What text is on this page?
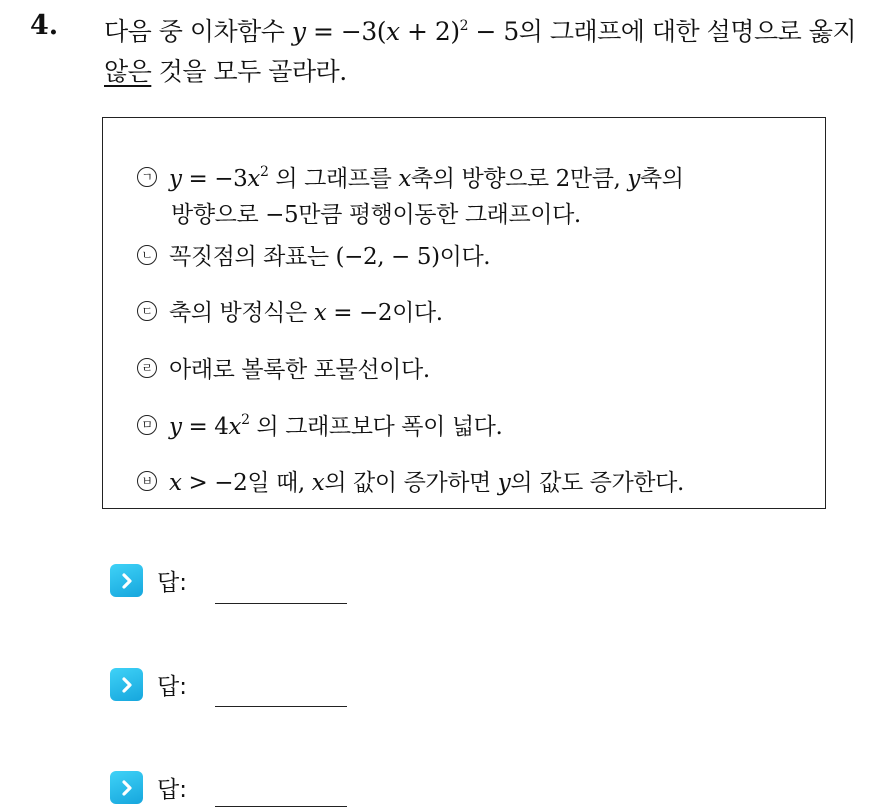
4. 다음 중 이차함수 $y = -3(x + 2)^2 - 5$의 그래프에 대한 설명으로 옳지
않은 것을 모두 골라라.
ㄱ $y = -3x^2$ 의 그래프를 x축의 방향으로 2만큼, y축의
방향으로 −5만큼 평행이동한 그래프이다.
ㄴ 꼭짓점의 좌표는 (−2, − 5)이다.
ㄷ 축의 방정식은 x = −2이다.
ㄹ 아래로 볼록한 포물선이다.
ㅁ $y = 4x^2$ 의 그래프보다 폭이 넓다.
ㅂ x > −2일 때, x의 값이 증가하면 y의 값도 증가한다.
답:
답:
답:
